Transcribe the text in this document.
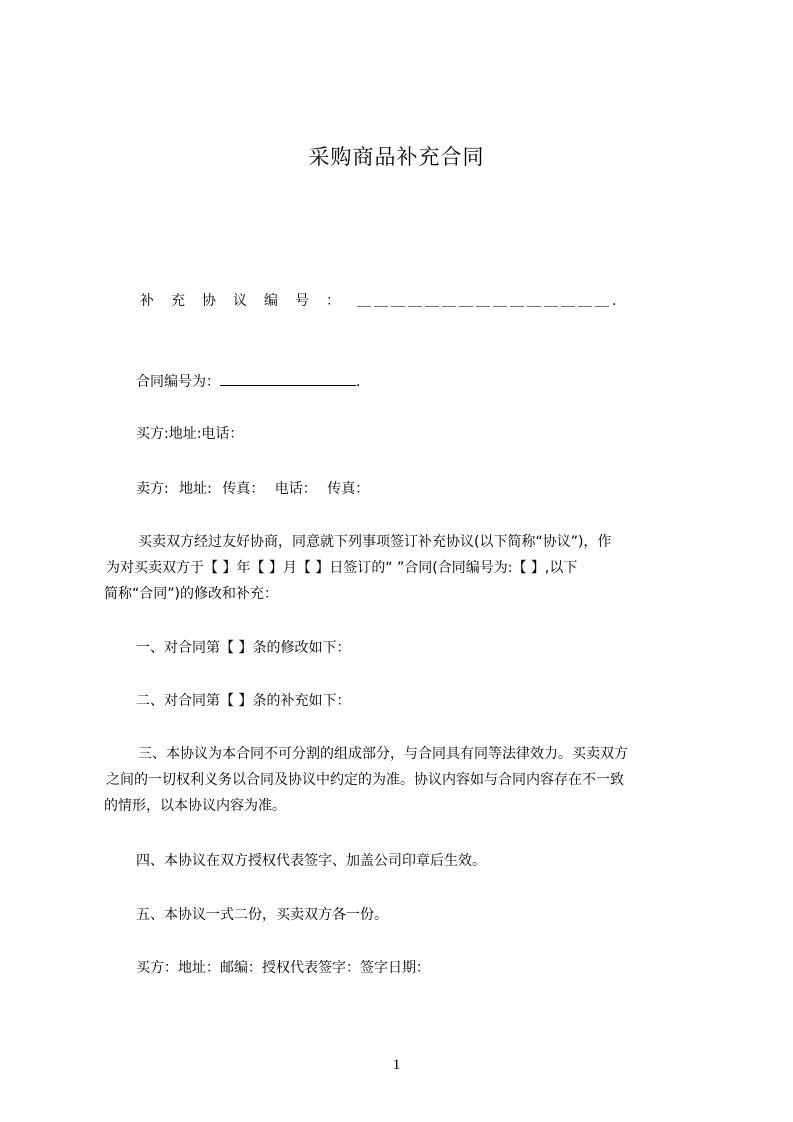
采购商品补充合同
补充协议编号：＿＿＿＿＿＿＿＿＿＿＿＿＿＿＿.
合同编号为：	.
买方:地址:电话：
卖方: 地址: 传真： 电话： 传真：

买卖双方经过友好协商，同意就下列事项签订补充协议(以下简称“协议”)，作

为对买卖双方于【 】年【 】月【 】日签订的“ ”合同(合同编号为:【 】,以下

简称“合同”)的修改和补充：

一、对合同第【 】条的修改如下：
二、对合同第【 】条的补充如下：

三、本协议为本合同不可分割的组成部分，与合同具有同等法律效力。买卖双方

之间的一切权利义务以合同及协议中约定的为准。协议内容如与合同内容存在不一致

的情形，以本协议内容为准。

四、本协议在双方授权代表签字、加盖公司印章后生效。
五、本协议一式二份，买卖双方各一份。
买方：地址：邮编：授权代表签字：签字日期：
1
